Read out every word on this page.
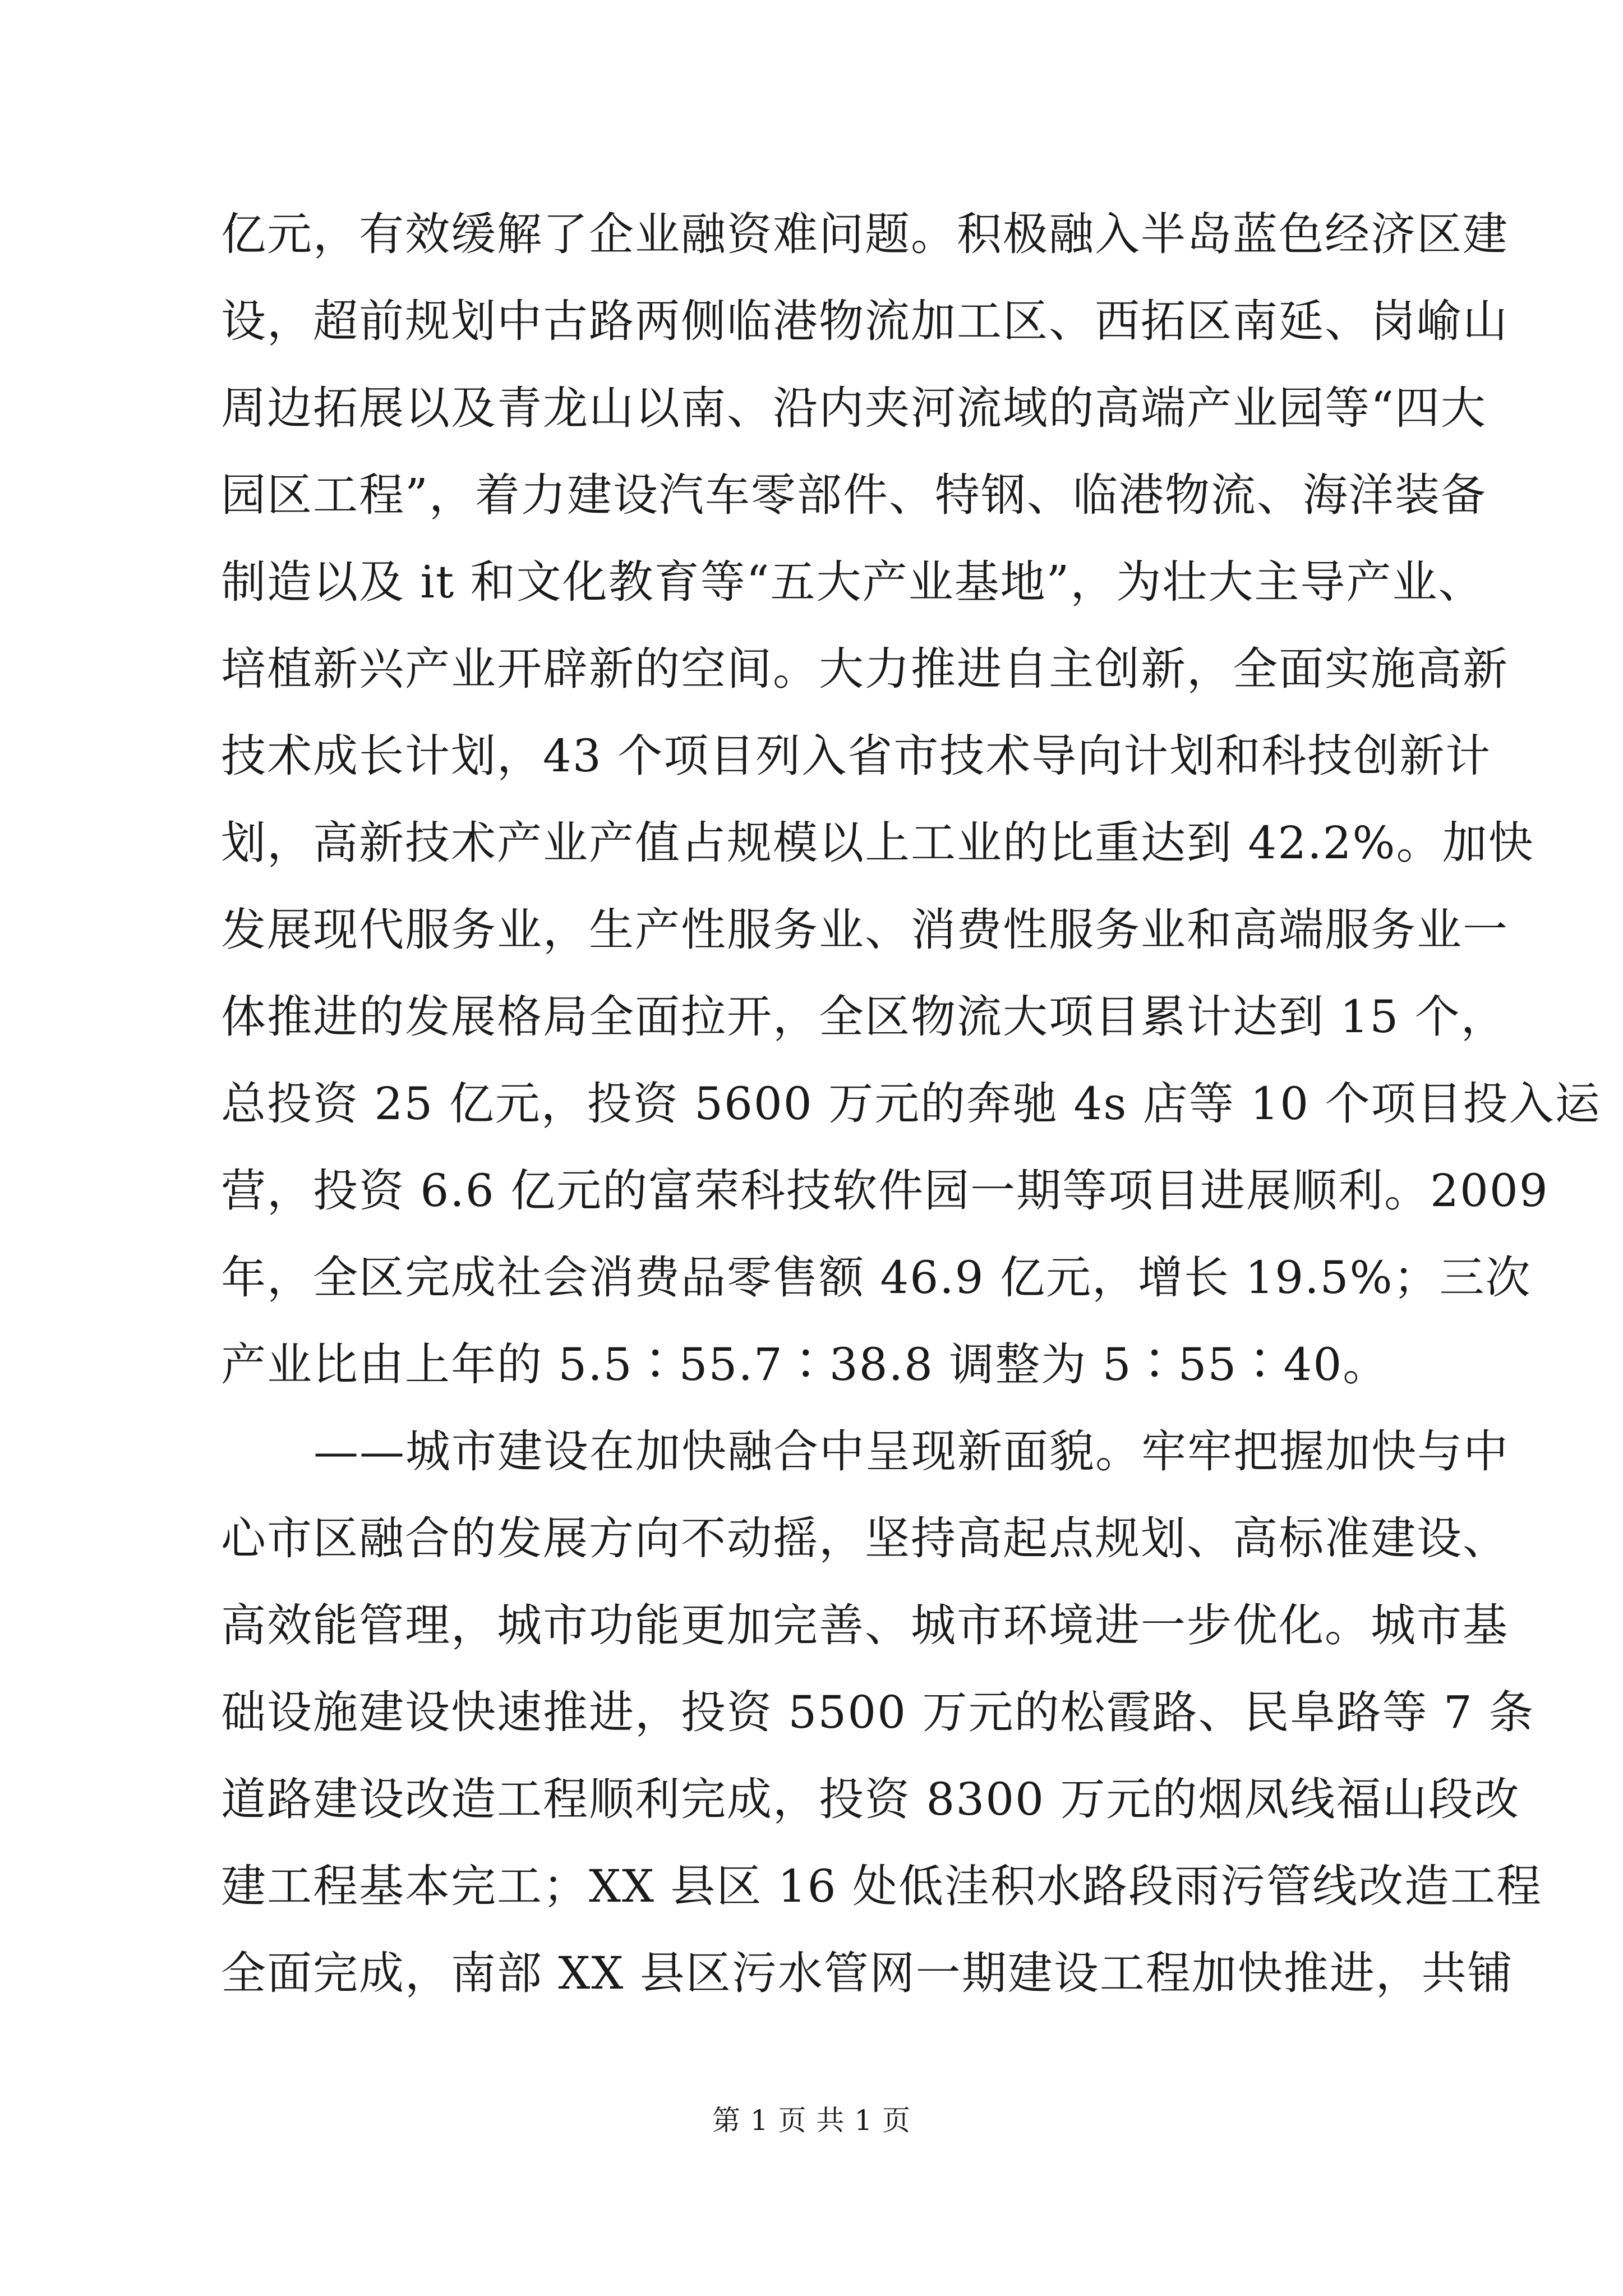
亿元，有效缓解了企业融资难问题。积极融入半岛蓝色经济区建
设，超前规划中古路两侧临港物流加工区、西拓区南延、岗崳山
周边拓展以及青龙山以南、沿内夹河流域的高端产业园等“四大
园区工程”，着力建设汽车零部件、特钢、临港物流、海洋装备
制造以及 it 和文化教育等“五大产业基地”，为壮大主导产业、
培植新兴产业开辟新的空间。大力推进自主创新，全面实施高新
技术成长计划，43 个项目列入省市技术导向计划和科技创新计
划，高新技术产业产值占规模以上工业的比重达到 42.2%。加快
发展现代服务业，生产性服务业、消费性服务业和高端服务业一
体推进的发展格局全面拉开，全区物流大项目累计达到 15 个，
总投资 25 亿元，投资 5600 万元的奔驰 4s 店等 10 个项目投入运
营，投资 6.6 亿元的富荣科技软件园一期等项目进展顺利。2009
年，全区完成社会消费品零售额 46.9 亿元，增长 19.5%；三次
产业比由上年的 5.5∶55.7∶38.8 调整为 5∶55∶40。
——城市建设在加快融合中呈现新面貌。牢牢把握加快与中
心市区融合的发展方向不动摇，坚持高起点规划、高标准建设、
高效能管理，城市功能更加完善、城市环境进一步优化。城市基
础设施建设快速推进，投资 5500 万元的松霞路、民阜路等 7 条
道路建设改造工程顺利完成，投资 8300 万元的烟凤线福山段改
建工程基本完工；XX 县区 16 处低洼积水路段雨污管线改造工程
全面完成，南部 XX 县区污水管网一期建设工程加快推进，共铺
第 1 页 共 1 页
